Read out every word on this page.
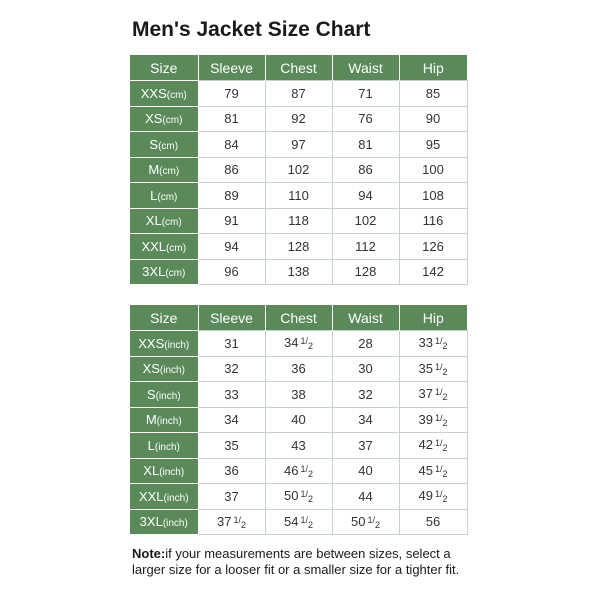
Men's Jacket Size Chart
Size	Sleeve	Chest	Waist	Hip
XXS(cm)	79	87	71	85
XS(cm)	81	92	76	90
S(cm)	84	97	81	95
M(cm)	86	102	86	100
L(cm)	89	110	94	108
XL(cm)	91	118	102	116
XXL(cm)	94	128	112	126
3XL(cm)	96	138	128	142
Size	Sleeve	Chest	Waist	Hip
XXS(inch)	31	34 1/2	28	33 1/2
XS(inch)	32	36	30	35 1/2
S(inch)	33	38	32	37 1/2
M(inch)	34	40	34	39 1/2
L(inch)	35	43	37	42 1/2
XL(inch)	36	46 1/2	40	45 1/2
XXL(inch)	37	50 1/2	44	49 1/2
3XL(inch)	37 1/2	54 1/2	50 1/2	56
Note:if your measurements are between sizes, select a larger size for a looser fit or a smaller size for a tighter fit.
